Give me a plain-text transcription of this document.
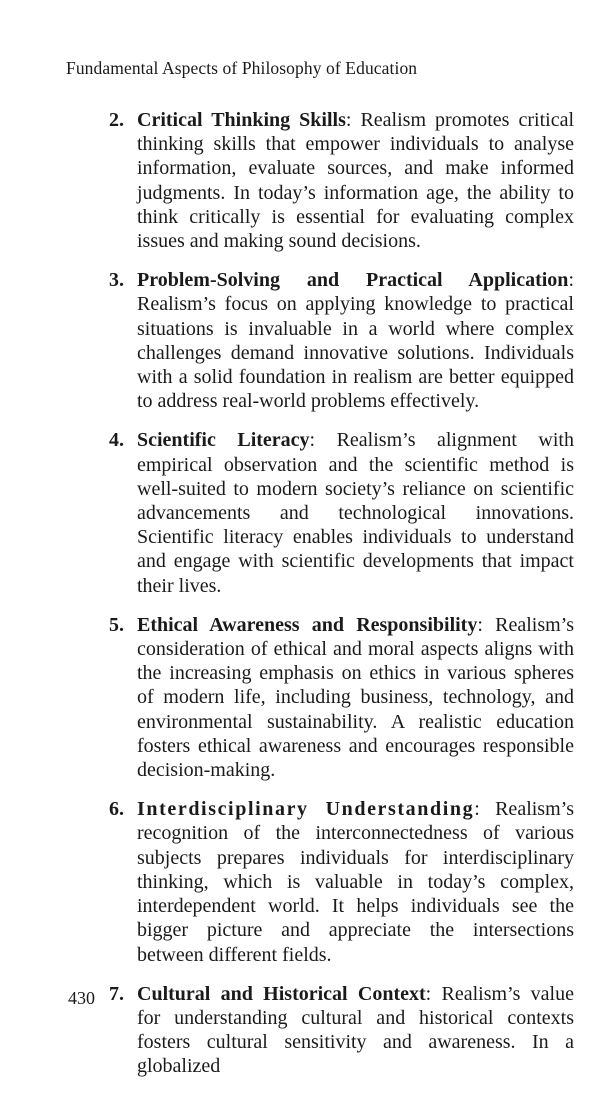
Fundamental Aspects of Philosophy of Education
2. Critical Thinking Skills: Realism promotes critical thinking skills that empower individuals to analyse information, evaluate sources, and make informed judgments. In today’s information age, the ability to think critically is essential for evaluating complex issues and making sound decisions.
3. Problem-Solving and Practical Application: Realism’s focus on applying knowledge to practical situations is invaluable in a world where complex challenges demand innovative solutions. Individuals with a solid foundation in realism are better equipped to address real-world problems effectively.
4. Scientific Literacy: Realism’s alignment with empirical observation and the scientific method is well-suited to modern society’s reliance on scientific advancements and technological innovations. Scientific literacy enables individuals to understand and engage with scientific developments that impact their lives.
5. Ethical Awareness and Responsibility: Realism’s consideration of ethical and moral aspects aligns with the increasing emphasis on ethics in various spheres of modern life, including business, technology, and environmental sustainability. A realistic education fosters ethical awareness and encourages responsible decision-making.
6. Interdisciplinary Understanding: Realism’s recognition of the interconnectedness of various subjects prepares individuals for interdisciplinary thinking, which is valuable in today’s complex, interdependent world. It helps individuals see the bigger picture and appreciate the intersections between different fields.
7. Cultural and Historical Context: Realism’s value for understanding cultural and historical contexts fosters cultural sensitivity and awareness. In a globalized
430
